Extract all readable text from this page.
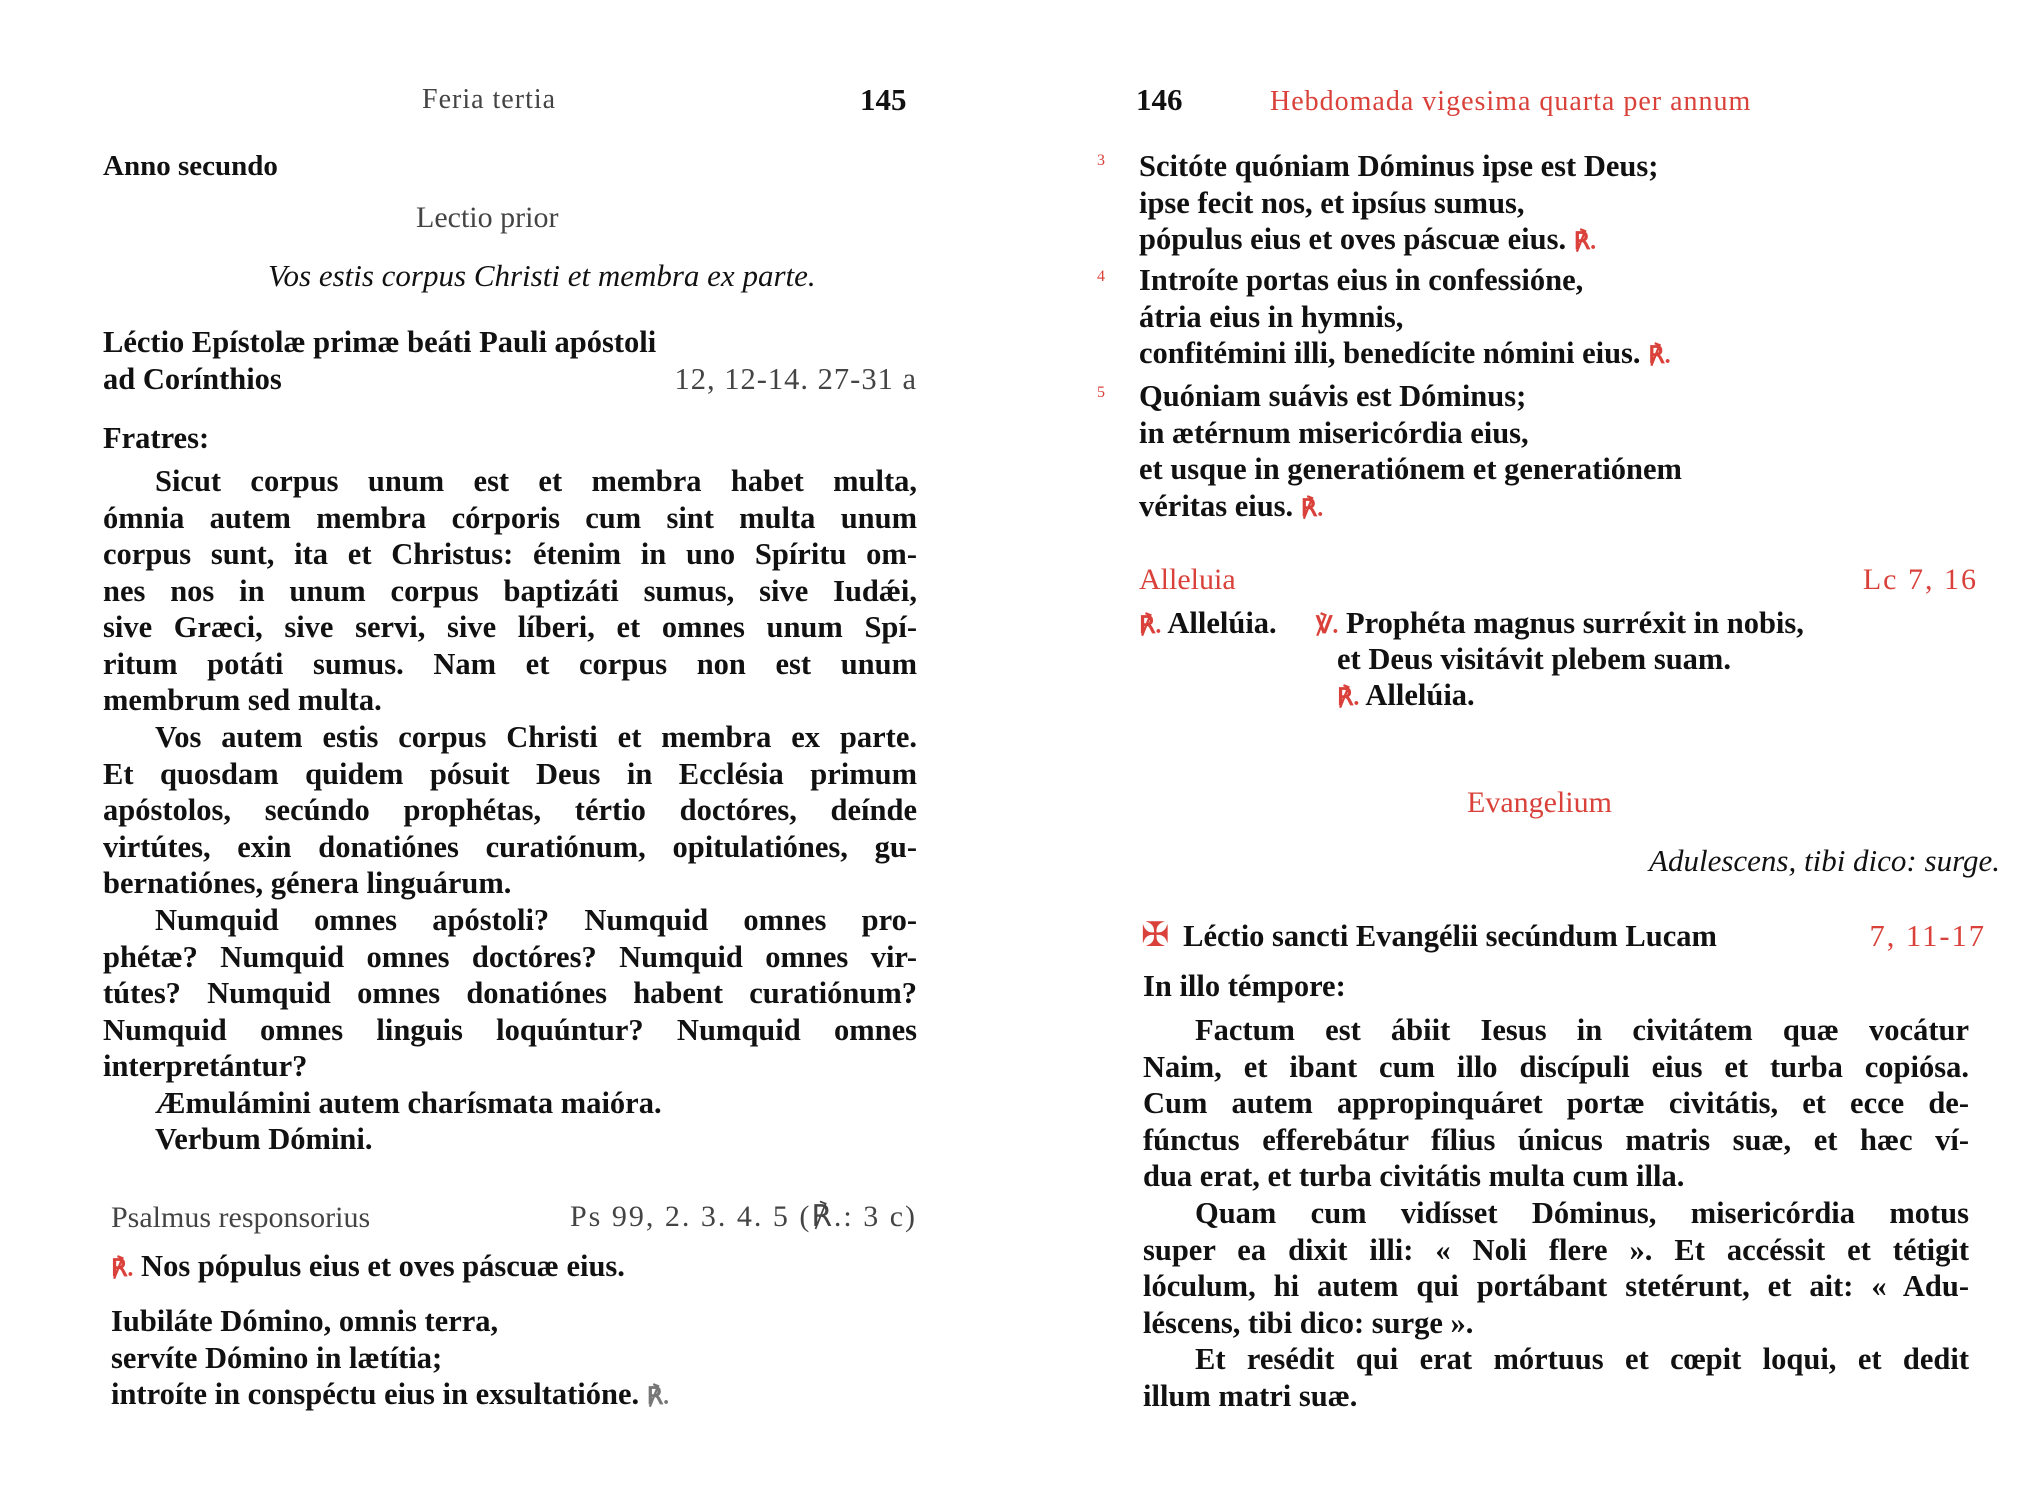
Feria tertia	145
Anno secundo
Lectio prior
Vos estis corpus Christi et membra ex parte.
Léctio Epístolæ primæ beáti Pauli apóstoli
ad Corínthios	12, 12-14. 27-31 a
Fratres:
Sicut corpus unum est et membra habet multa,
ómnia autem membra córporis cum sint multa unum
corpus sunt, ita et Christus: étenim in uno Spíritu om-
nes nos in unum corpus baptizáti sumus, sive Iudǽi,
sive Græci, sive servi, sive líberi, et omnes unum Spí-
ritum potáti sumus. Nam et corpus non est unum
membrum sed multa.
Vos autem estis corpus Christi et membra ex parte.
Et quosdam quidem pósuit Deus in Ecclésia primum
apóstolos, secúndo prophétas, tértio doctóres, deínde
virtútes, exin donatiónes curatiónum, opitulatiónes, gu-
bernatiónes, génera linguárum.
Numquid omnes apóstoli? Numquid omnes pro-
phétæ? Numquid omnes doctóres? Numquid omnes vir-
tútes? Numquid omnes donatiónes habent curatiónum?
Numquid omnes linguis loquúntur? Numquid omnes
interpretántur?
Æmulámini autem charísmata maióra.
Verbum Dómini.
Psalmus responsorius	Ps 99, 2. 3. 4. 5 (℟.: 3 c)
℟. Nos pópulus eius et oves páscuæ eius.
Iubiláte Dómino, omnis terra,
servíte Dómino in lætítia;
introíte in conspéctu eius in exsultatióne. ℟.
146	Hebdomada vigesima quarta per annum
3 Scitóte quóniam Dóminus ipse est Deus;
ipse fecit nos, et ipsíus sumus,
pópulus eius et oves páscuæ eius. ℟.
4 Introíte portas eius in confessióne,
átria eius in hymnis,
confitémini illi, benedícite nómini eius. ℟.
5 Quóniam suávis est Dóminus;
in ætérnum misericórdia eius,
et usque in generatiónem et generatiónem
véritas eius. ℟.
Alleluia	Lc 7, 16
℟. Allelúia. ℣. Prophéta magnus surréxit in nobis,
et Deus visitávit plebem suam.
℟. Allelúia.
Evangelium
Adulescens, tibi dico: surge.
✠ Léctio sancti Evangélii secúndum Lucam	7, 11-17
In illo témpore:
Factum est ábiit Iesus in civitátem quæ vocátur
Naim, et ibant cum illo discípuli eius et turba copiósa.
Cum autem appropinquáret portæ civitátis, et ecce de-
fúnctus efferebátur fílius únicus matris suæ, et hæc ví-
dua erat, et turba civitátis multa cum illa.
Quam cum vidísset Dóminus, misericórdia motus
super ea dixit illi: « Noli flere ». Et accéssit et tétigit
lóculum, hi autem qui portábant stetérunt, et ait: « Adu-
léscens, tibi dico: surge ».
Et resédit qui erat mórtuus et cœpit loqui, et dedit
illum matri suæ.
